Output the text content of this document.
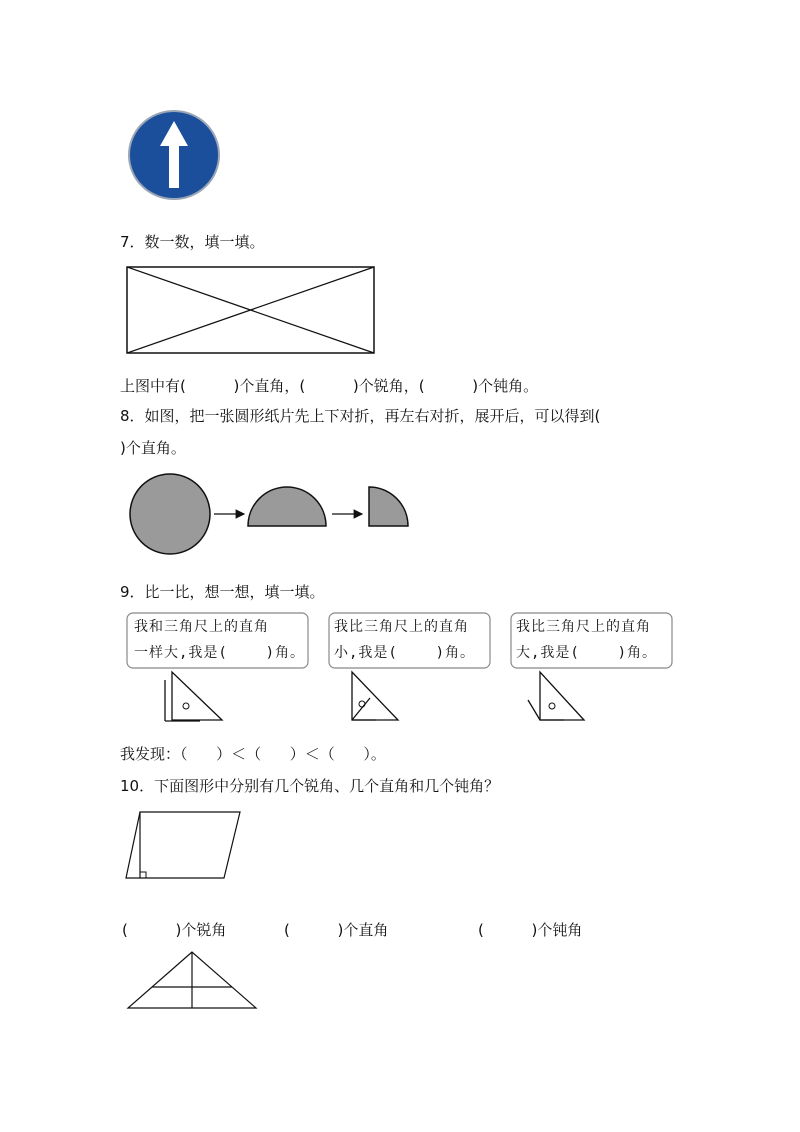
7．数一数，填一填。
上图中有(          )个直角，(          )个锐角，(          )个钝角。
8．如图，把一张圆形纸片先上下对折，再左右对折，展开后，可以得到(
)个直角。
9．比一比，想一想，填一填。
我和三角尺上的直角
一样大,我是(    )角。
我比三角尺上的直角
小,我是(    )角。
我比三角尺上的直角
大,我是(    )角。
我发现：（      ）＜（      ）＜（      ）。
10．下面图形中分别有几个锐角、几个直角和几个钝角？
(          )个锐角	(          )个直角	(          )个钝角
